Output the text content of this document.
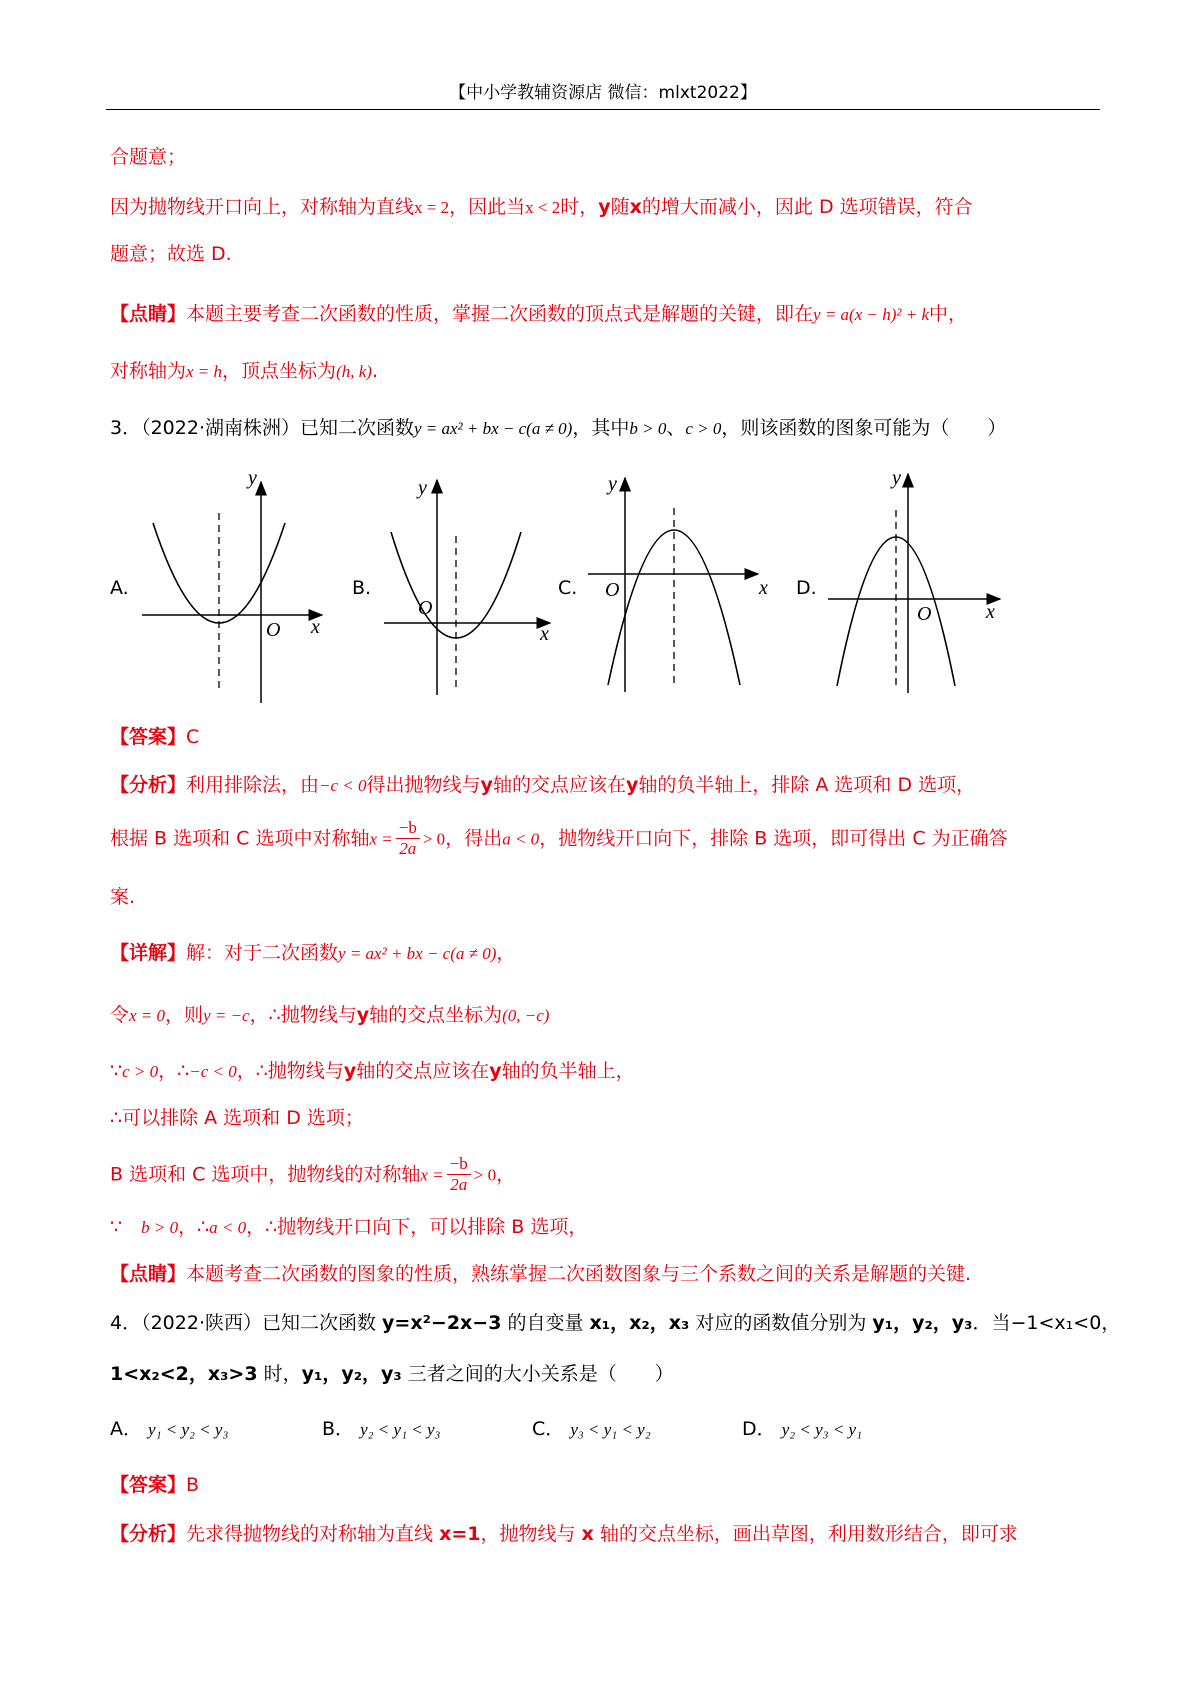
【中小学教辅资源店 微信：mlxt2022】
合题意；
因为抛物线开口向上，对称轴为直线x = 2，因此当x < 2时，y随x的增大而减小，因此 D 选项错误，符合
题意；故选 D.
【点睛】本题主要考查二次函数的性质，掌握二次函数的顶点式是解题的关键，即在y = a(x − h)² + k中，
对称轴为x = h，顶点坐标为(h, k).
3．（2022·湖南株洲）已知二次函数y = ax² + bx − c(a ≠ 0)，其中b > 0、c > 0，则该函数的图象可能为（　　）
A.	B.	C.	D.
y
x
O
y
x
O
y
x
O
y
x
O
【答案】C
【分析】利用排除法，由−c < 0得出抛物线与y轴的交点应该在y轴的负半轴上，排除 A 选项和 D 选项，
根据 B 选项和 C 选项中对称轴$x = \frac{-b}{2a} > 0$，得出a < 0，抛物线开口向下，排除 B 选项，即可得出 C 为正确答
案.
【详解】解：对于二次函数y = ax² + bx − c(a ≠ 0)，
令x = 0，则y = −c，∴抛物线与y轴的交点坐标为(0, −c)
∵c > 0，∴−c < 0，∴抛物线与y轴的交点应该在y轴的负半轴上，
∴可以排除 A 选项和 D 选项；
B 选项和 C 选项中，抛物线的对称轴$x = \frac{-b}{2a} > 0$，
∵　b > 0，∴a < 0，∴抛物线开口向下，可以排除 B 选项，
【点睛】本题考查二次函数的图象的性质，熟练掌握二次函数图象与三个系数之间的关系是解题的关键.
4．（2022·陕西）已知二次函数 y=x²−2x−3 的自变量 x₁，x₂，x₃ 对应的函数值分别为 y₁，y₂，y₃．当−1<x₁<0，
1<x₂<2，x₃>3 时，y₁，y₂，y₃ 三者之间的大小关系是（　　）
A． y₁ < y₂ < y₃	B． y₂ < y₁ < y₃	C． y₃ < y₁ < y₂	D． y₂ < y₃ < y₁
【答案】B
【分析】先求得抛物线的对称轴为直线 x=1，抛物线与 x 轴的交点坐标，画出草图，利用数形结合，即可求
